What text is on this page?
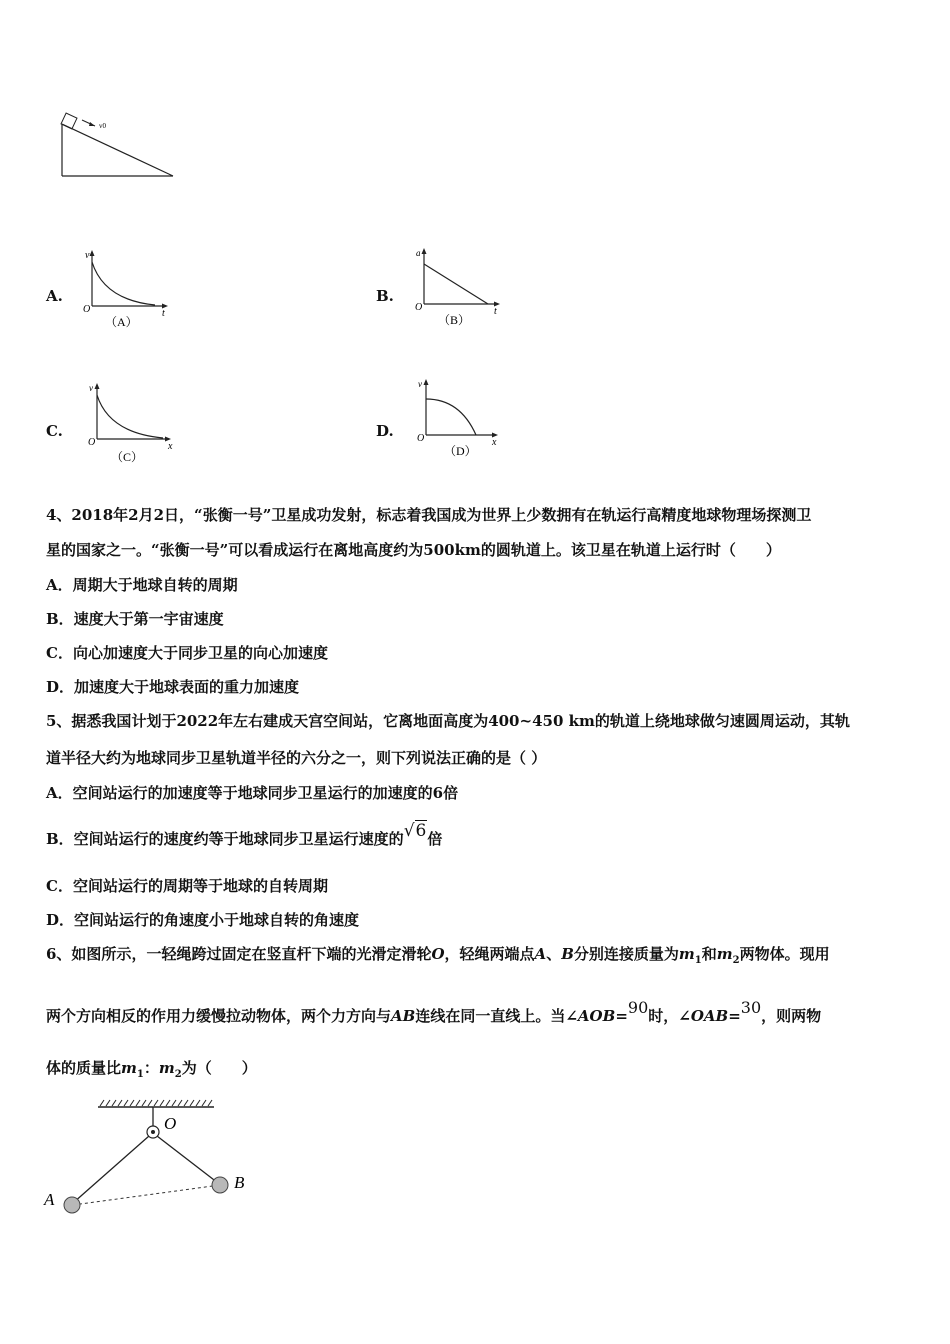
v0
A.
v
O	t
（A）
B.
a
O	t
（B）
C.
v
O	x
（C）
D.
v
O	x
（D）
4、2018年2月2日，“张衡一号”卫星成功发射，标志着我国成为世界上少数拥有在轨运行高精度地球物理场探测卫
星的国家之一。“张衡一号”可以看成运行在离地高度约为500km的圆轨道上。该卫星在轨道上运行时（　　）
A．周期大于地球自转的周期
B．速度大于第一宇宙速度
C．向心加速度大于同步卫星的向心加速度
D．加速度大于地球表面的重力加速度
5、据悉我国计划于2022年左右建成天宫空间站，它离地面高度为400~450 km的轨道上绕地球做匀速圆周运动，其轨
道半径大约为地球同步卫星轨道半径的六分之一，则下列说法正确的是（ ）
A．空间站运行的加速度等于地球同步卫星运行的加速度的6倍
B．空间站运行的速度约等于地球同步卫星运行速度的√6倍
C．空间站运行的周期等于地球的自转周期
D．空间站运行的角速度小于地球自转的角速度
6、如图所示，一轻绳跨过固定在竖直杆下端的光滑定滑轮O，轻绳两端点A、B分别连接质量为$m_1$和$m_2$两物体。现用
两个方向相反的作用力缓慢拉动物体，两个力方向与AB连线在同一直线上。当∠AOB=90时，∠OAB=30，则两物
体的质量比$m_1$：$m_2$为（　　）
O
A
B
